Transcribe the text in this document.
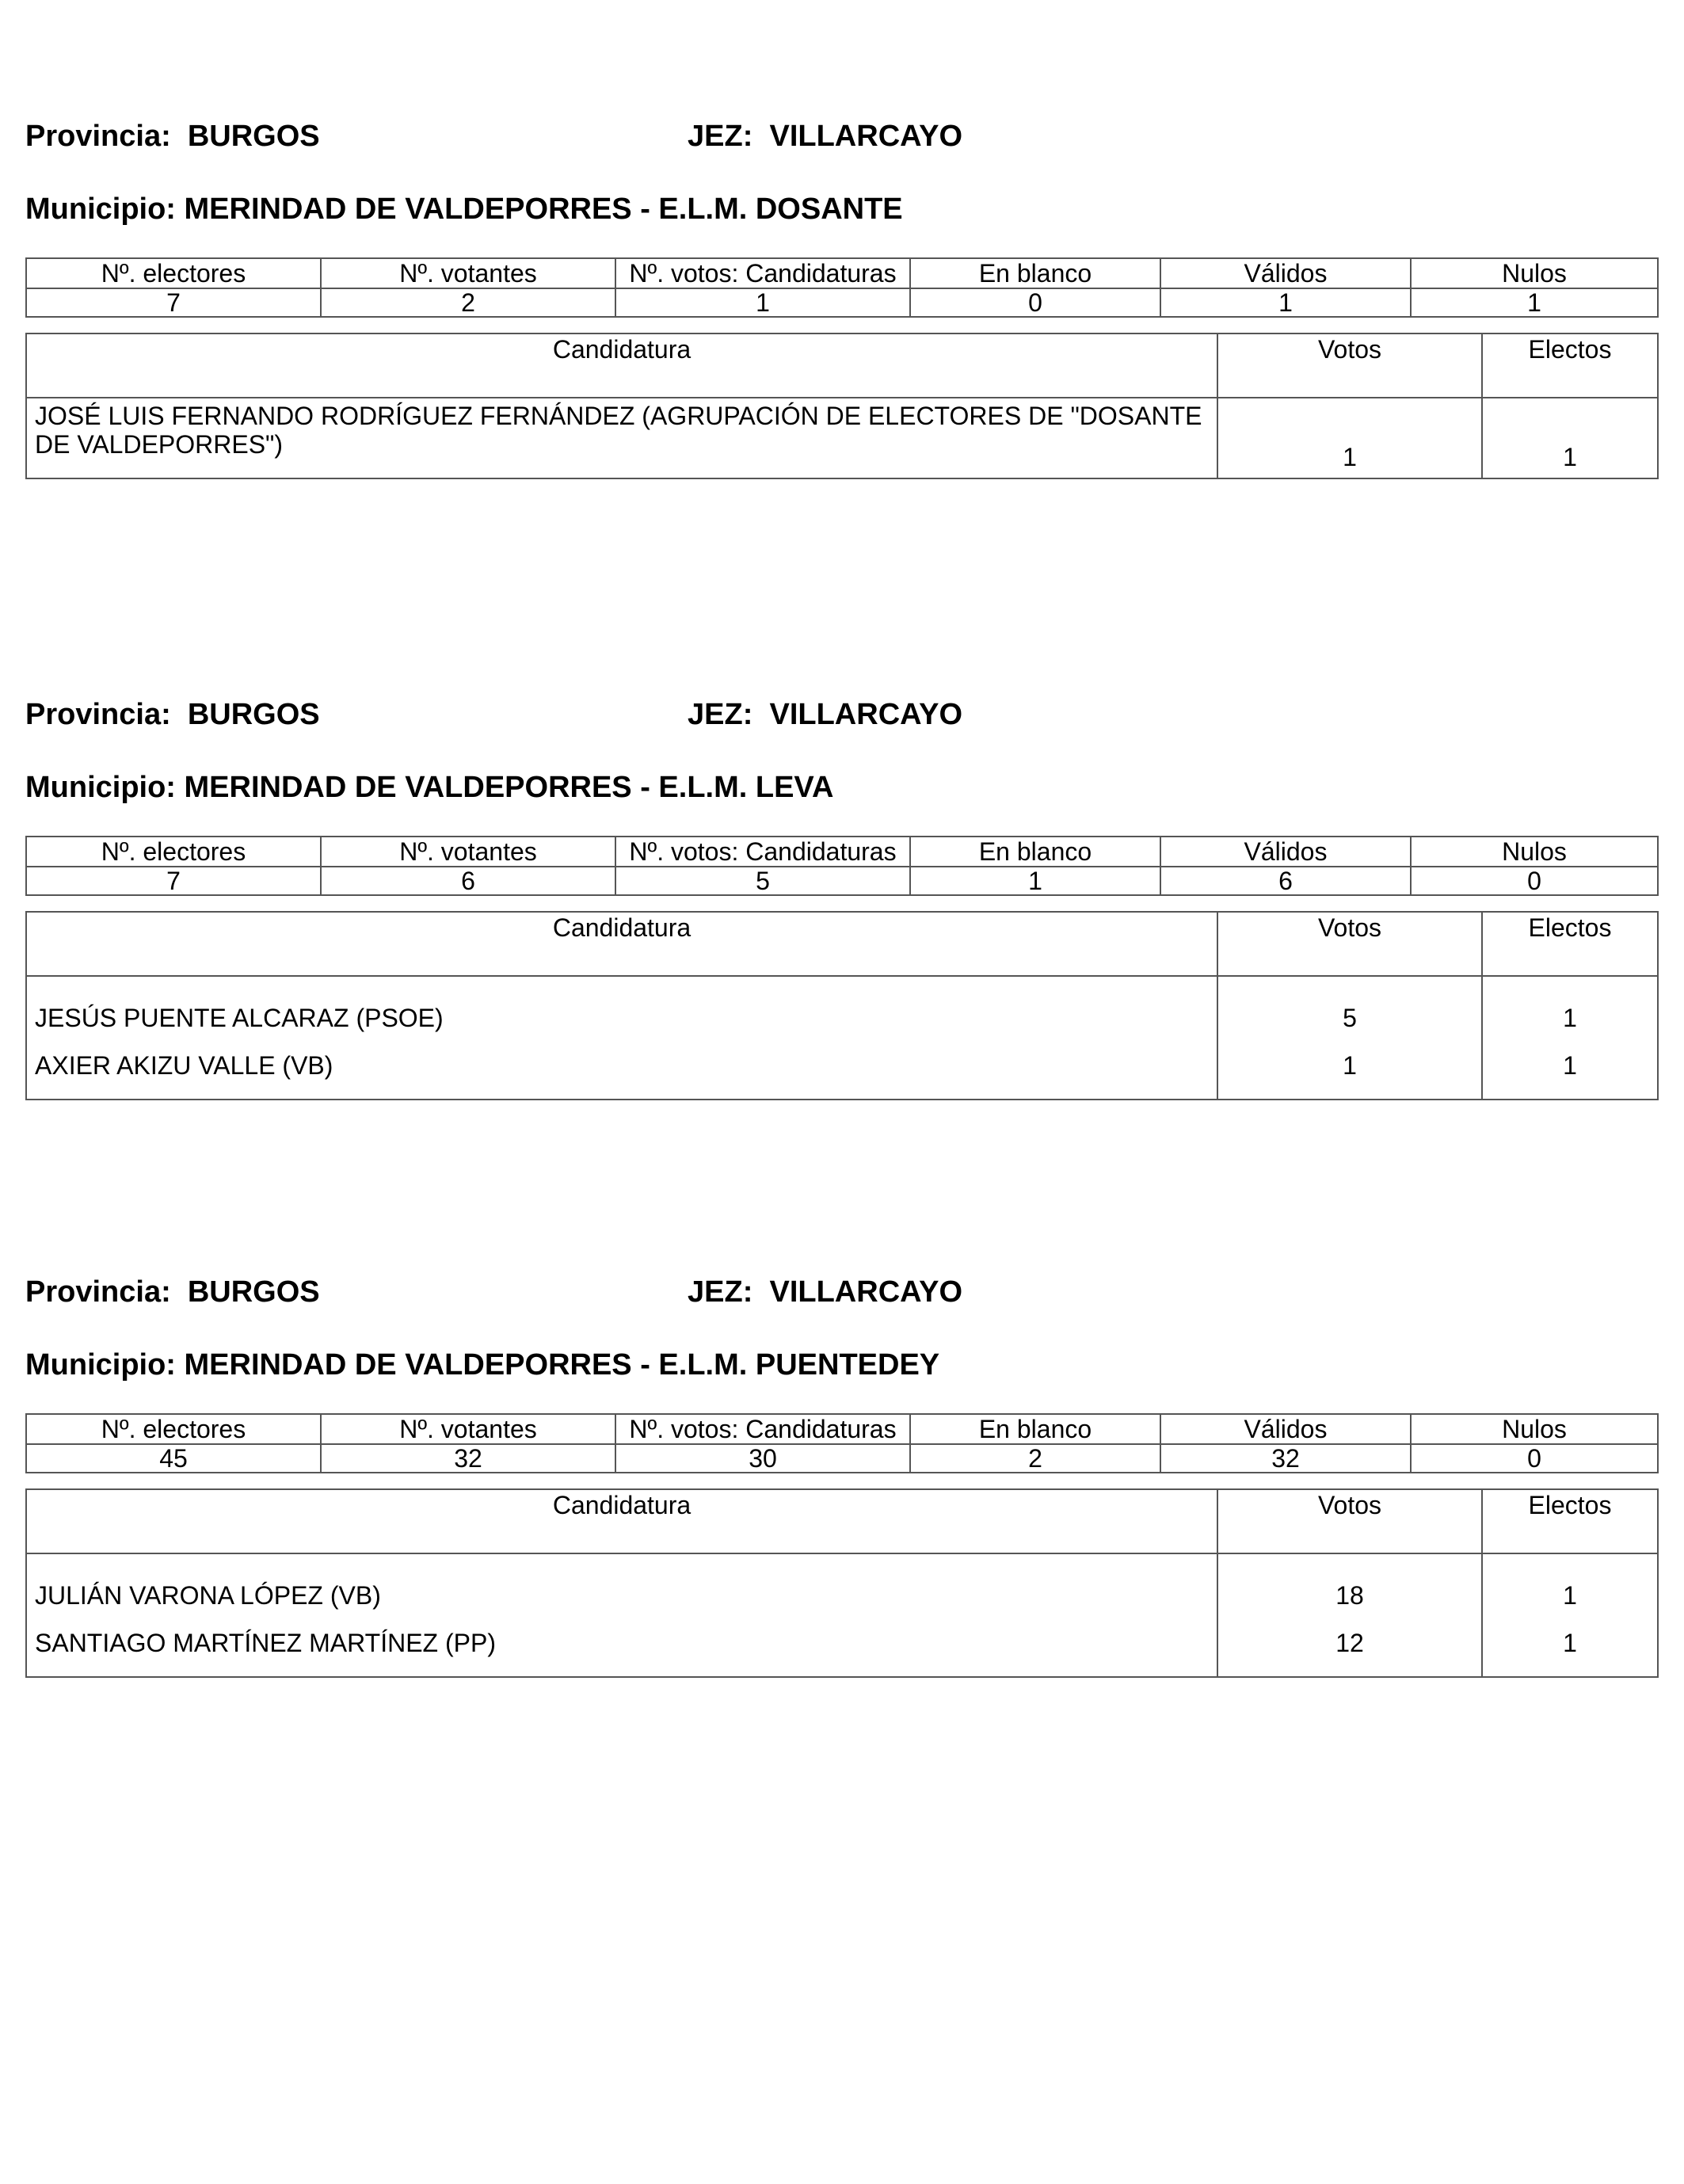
Provincia: BURGOS	JEZ: VILLARCAYO
Municipio: MERINDAD DE VALDEPORRES - E.L.M. DOSANTE
Nº. electores	Nº. votantes	Nº. votos: Candidaturas	En blanco	Válidos	Nulos
7	2	1	0	1	1
Candidatura	Votos	Electos
JOSÉ LUIS FERNANDO RODRÍGUEZ FERNÁNDEZ (AGRUPACIÓN DE ELECTORES DE "DOSANTE DE VALDEPORRES")	1	1
Provincia: BURGOS	JEZ: VILLARCAYO
Municipio: MERINDAD DE VALDEPORRES - E.L.M. LEVA
Nº. electores	Nº. votantes	Nº. votos: Candidaturas	En blanco	Válidos	Nulos
7	6	5	1	6	0
Candidatura	Votos	Electos
JESÚS PUENTE ALCARAZ (PSOE)	5	1
AXIER AKIZU VALLE (VB)	1	1
Provincia: BURGOS	JEZ: VILLARCAYO
Municipio: MERINDAD DE VALDEPORRES - E.L.M. PUENTEDEY
Nº. electores	Nº. votantes	Nº. votos: Candidaturas	En blanco	Válidos	Nulos
45	32	30	2	32	0
Candidatura	Votos	Electos
JULIÁN VARONA LÓPEZ (VB)	18	1
SANTIAGO MARTÍNEZ MARTÍNEZ (PP)	12	1
